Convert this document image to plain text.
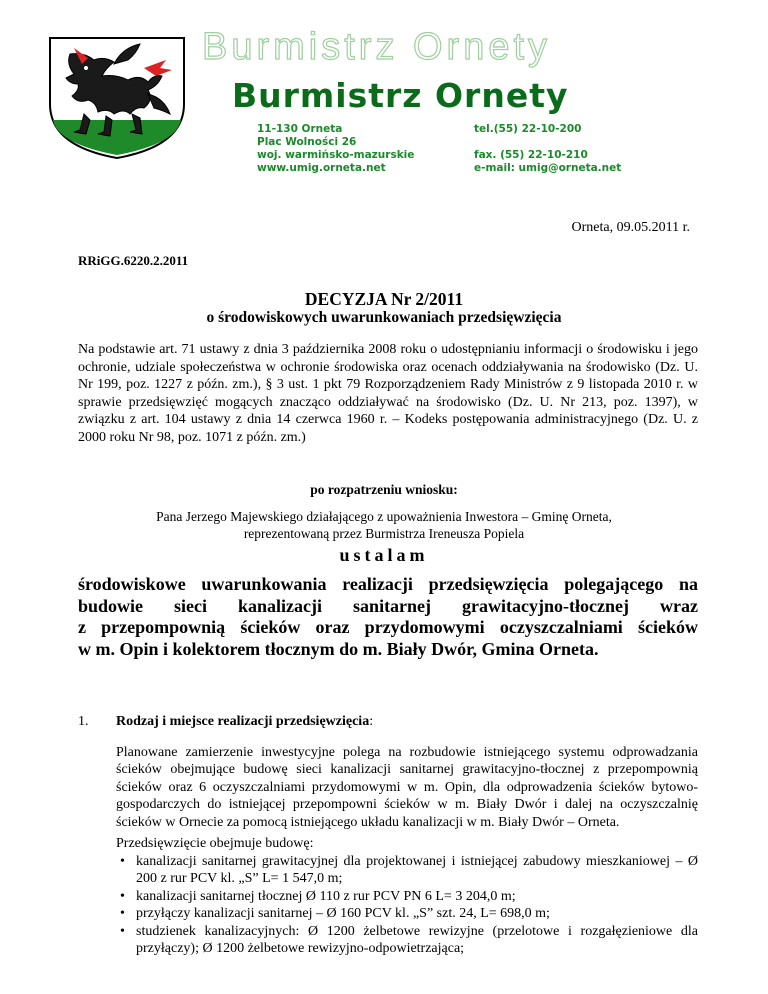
Burmistrz Ornety
Burmistrz Ornety
11-130 Orneta
Plac Wolności 26
woj. warmińsko-mazurskie
www.umig.orneta.net
tel.(55) 22-10-200
fax. (55) 22-10-210
e-mail: umig@orneta.net
Orneta, 09.05.2011 r.
RRiGG.6220.2.2011
DECYZJA Nr 2/2011
o środowiskowych uwarunkowaniach przedsięwzięcia
Na podstawie art. 71 ustawy z dnia 3 października 2008 roku o udostępnianiu informacji o środowisku i jego ochronie, udziale społeczeństwa w ochronie środowiska oraz ocenach oddziaływania na środowisko (Dz. U. Nr 199, poz. 1227 z późn. zm.), § 3 ust. 1 pkt 79 Rozporządzeniem Rady Ministrów z 9 listopada 2010 r. w sprawie przedsięwzięć mogących znacząco oddziaływać na środowisko (Dz. U. Nr 213, poz. 1397), w związku z art. 104 ustawy z dnia 14 czerwca 1960 r. – Kodeks postępowania administracyjnego (Dz. U. z 2000 roku Nr 98, poz. 1071 z późn. zm.)
po rozpatrzeniu wniosku:
Pana Jerzego Majewskiego działającego z upoważnienia Inwestora – Gminę Orneta,
reprezentowaną przez Burmistrza Ireneusza Popiela
ustalam
środowiskowe uwarunkowania realizacji przedsięwzięcia polegającego na
budowie sieci kanalizacji sanitarnej grawitacyjno-tłocznej wraz
z przepompownią ścieków oraz przydomowymi oczyszczalniami ścieków
w m. Opin i kolektorem tłocznym do m. Biały Dwór, Gmina Orneta.
1. Rodzaj i miejsce realizacji przedsięwzięcia:
Planowane zamierzenie inwestycyjne polega na rozbudowie istniejącego systemu odprowadzania ścieków obejmujące budowę sieci kanalizacji sanitarnej grawitacyjno-tłocznej z przepompownią ścieków oraz 6 oczyszczalniami przydomowymi w m. Opin, dla odprowadzenia ścieków bytowo-gospodarczych do istniejącej przepompowni ścieków w m. Biały Dwór i dalej na oczyszczalnię ścieków w Ornecie za pomocą istniejącego układu kanalizacji w m. Biały Dwór – Orneta.
Przedsięwzięcie obejmuje budowę:
• kanalizacji sanitarnej grawitacyjnej dla projektowanej i istniejącej zabudowy mieszkaniowej – Ø 200 z rur PCV kl. „S” L= 1 547,0 m;
• kanalizacji sanitarnej tłocznej Ø 110 z rur PCV PN 6 L= 3 204,0 m;
• przyłączy kanalizacji sanitarnej – Ø 160 PCV kl. „S” szt. 24, L= 698,0 m;
• studzienek kanalizacyjnych: Ø 1200 żelbetowe rewizyjne (przelotowe i rozgałęzieniowe dla przyłączy); Ø 1200 żelbetowe rewizyjno-odpowietrzająca;
